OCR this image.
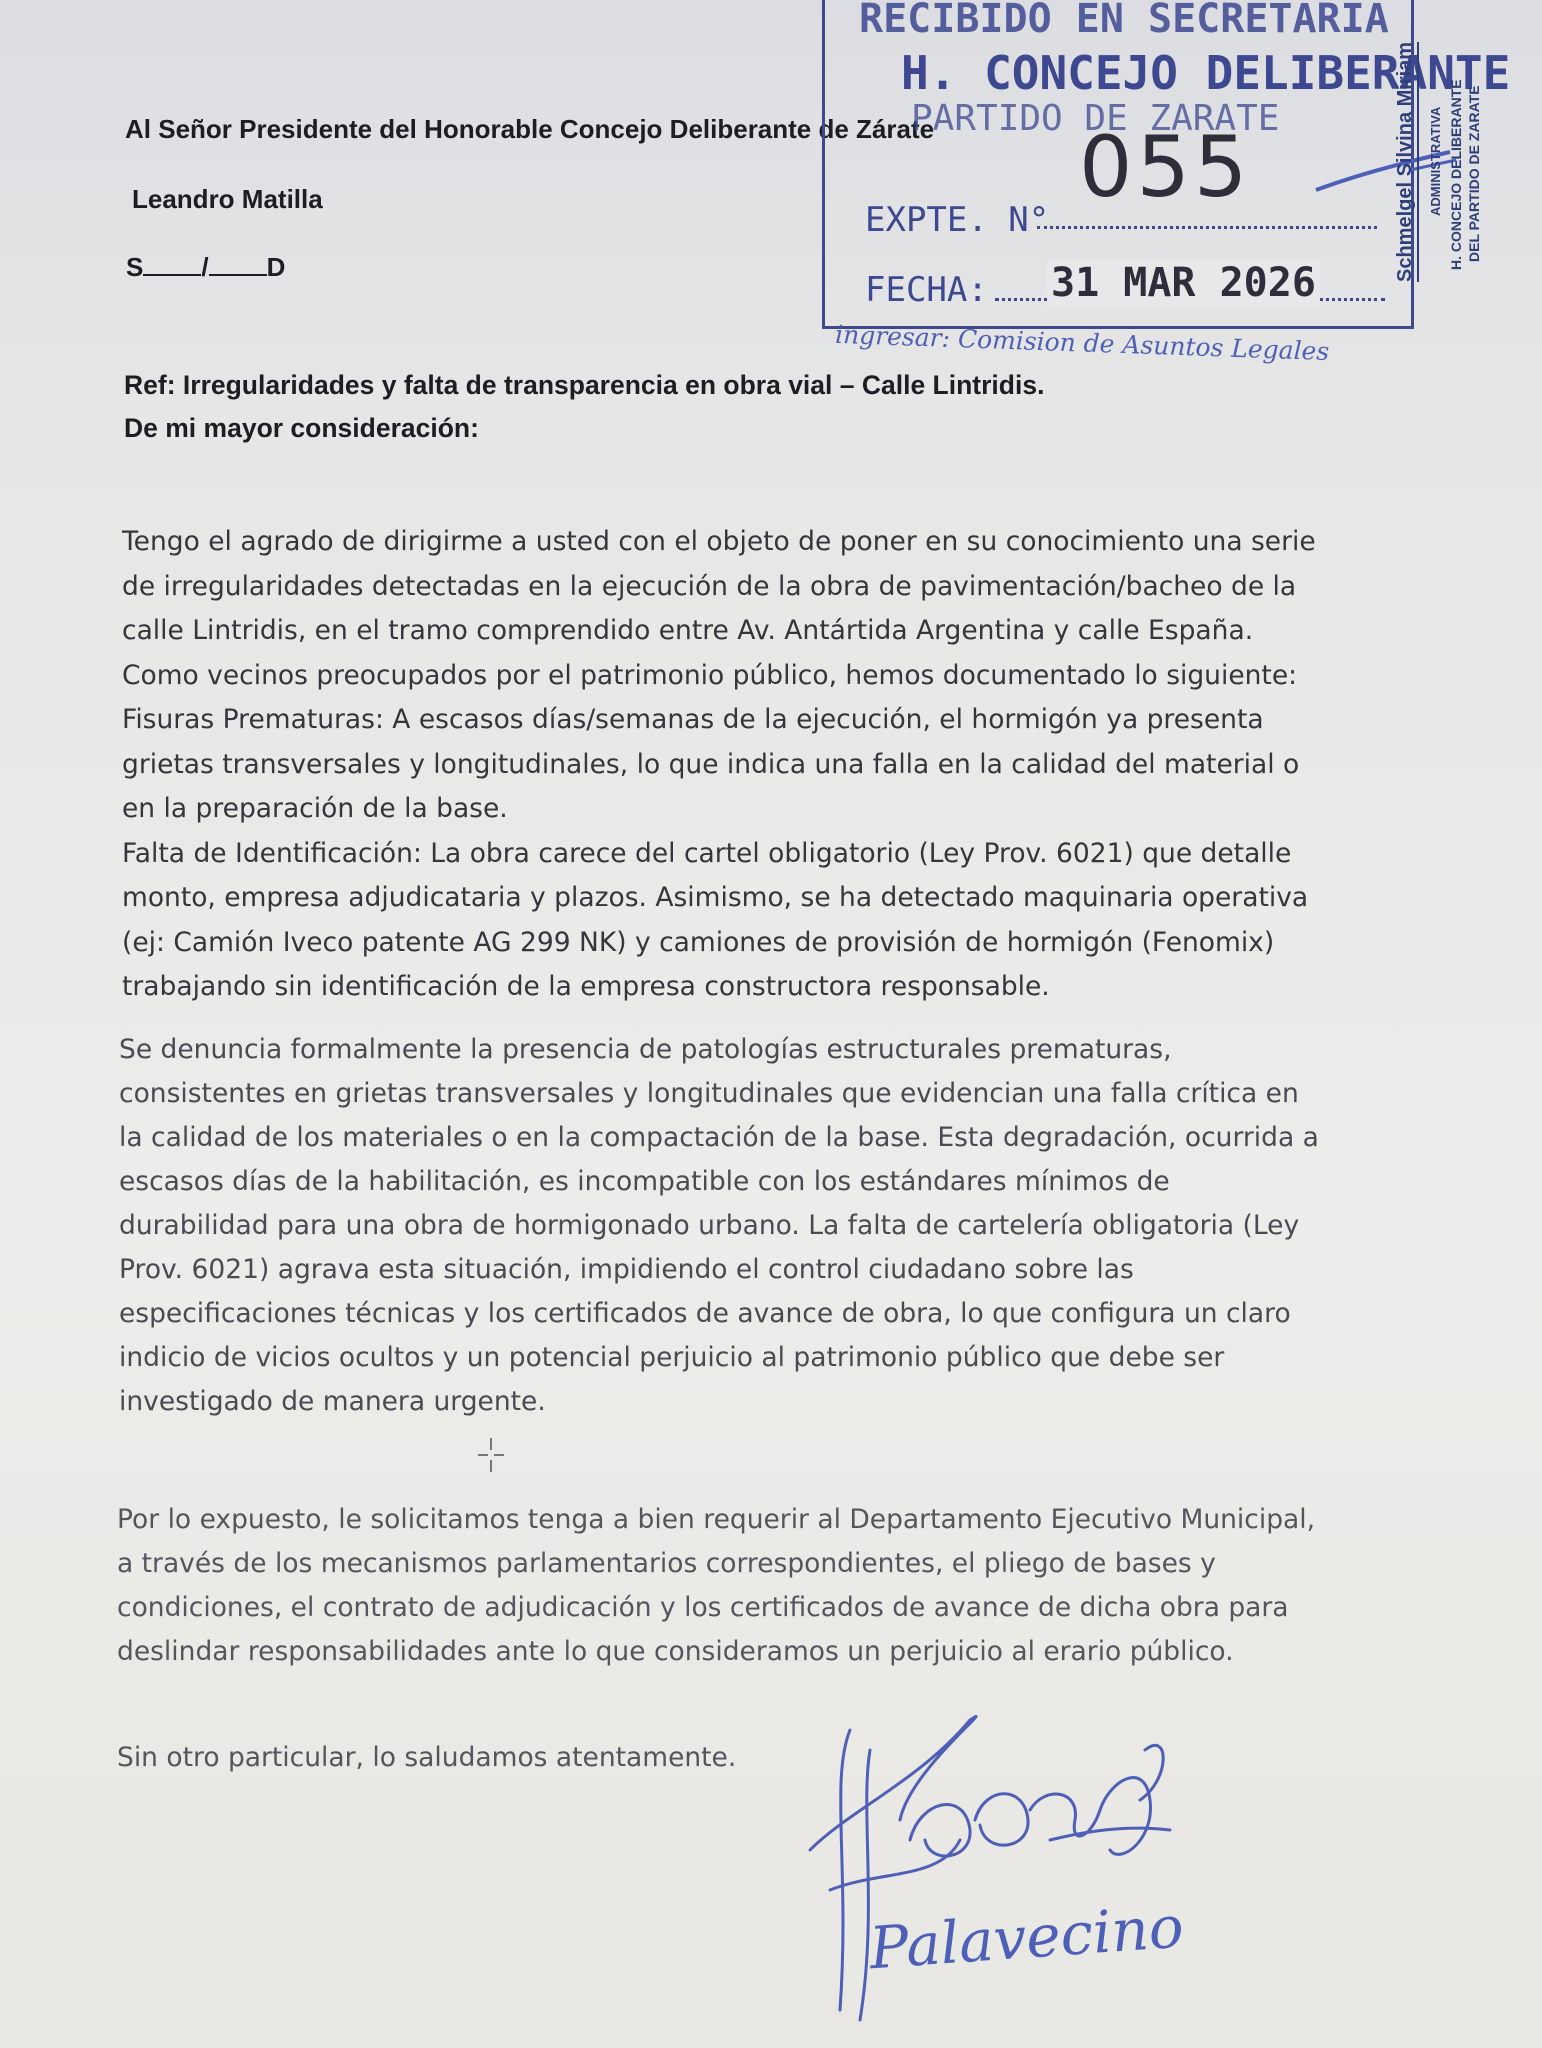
Al Señor Presidente del Honorable Concejo Deliberante de Zárate
Leandro Matilla
S / D
RECIBIDO EN SECRETARIA
H. CONCEJO DELIBERANTE
PARTIDO DE ZARATE
055
EXPTE. N°
FECHA: 31 MAR 2026
Schmelgel Silvina Miriam ADMINISTRATIVA H. CONCEJO DELIBERANTE DEL PARTIDO DE ZARATE
ingresar: Comision de Asuntos Legales
Ref: Irregularidades y falta de transparencia en obra vial – Calle Lintridis.
De mi mayor consideración:
Tengo el agrado de dirigirme a usted con el objeto de poner en su conocimiento una serie
de irregularidades detectadas en la ejecución de la obra de pavimentación/bacheo de la
calle Lintridis, en el tramo comprendido entre Av. Antártida Argentina y calle España.
Como vecinos preocupados por el patrimonio público, hemos documentado lo siguiente:
Fisuras Prematuras: A escasos días/semanas de la ejecución, el hormigón ya presenta
grietas transversales y longitudinales, lo que indica una falla en la calidad del material o
en la preparación de la base.
Falta de Identificación: La obra carece del cartel obligatorio (Ley Prov. 6021) que detalle
monto, empresa adjudicataria y plazos. Asimismo, se ha detectado maquinaria operativa
(ej: Camión Iveco patente AG 299 NK) y camiones de provisión de hormigón (Fenomix)
trabajando sin identificación de la empresa constructora responsable.
Se denuncia formalmente la presencia de patologías estructurales prematuras,
consistentes en grietas transversales y longitudinales que evidencian una falla crítica en
la calidad de los materiales o en la compactación de la base. Esta degradación, ocurrida a
escasos días de la habilitación, es incompatible con los estándares mínimos de
durabilidad para una obra de hormigonado urbano. La falta de cartelería obligatoria (Ley
Prov. 6021) agrava esta situación, impidiendo el control ciudadano sobre las
especificaciones técnicas y los certificados de avance de obra, lo que configura un claro
indicio de vicios ocultos y un potencial perjuicio al patrimonio público que debe ser
investigado de manera urgente.
Por lo expuesto, le solicitamos tenga a bien requerir al Departamento Ejecutivo Municipal,
a través de los mecanismos parlamentarios correspondientes, el pliego de bases y
condiciones, el contrato de adjudicación y los certificados de avance de dicha obra para
deslindar responsabilidades ante lo que consideramos un perjuicio al erario público.
Sin otro particular, lo saludamos atentamente.
Palavecino
